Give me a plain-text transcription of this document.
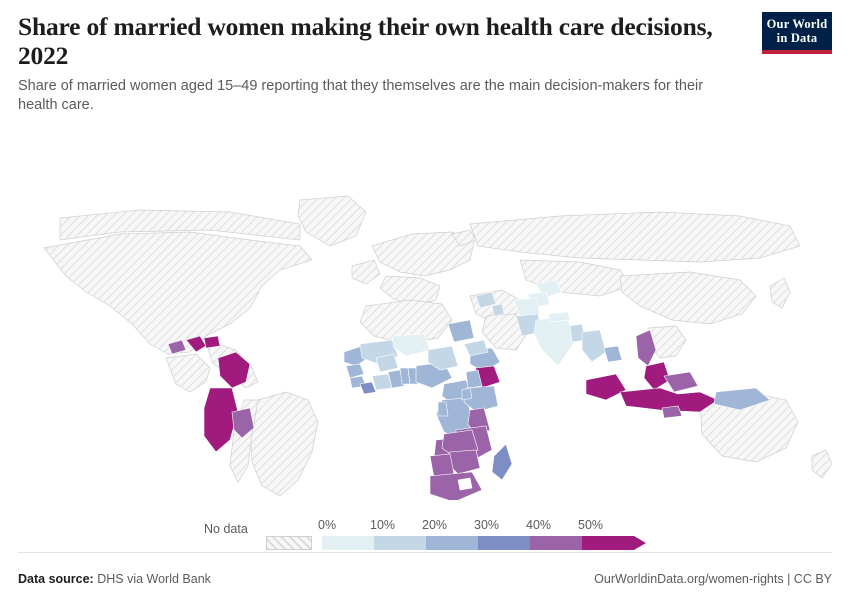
Share of married women making their own health care decisions, 2022

Share of married women aged 15–49 reporting that they themselves are the main decision-makers for their health care.

Our World
in Data
No data	0%	10% 20% 30% 40% 50%
Data source: DHS via World Bank	OurWorldinData.org/women-rights | CC BY
